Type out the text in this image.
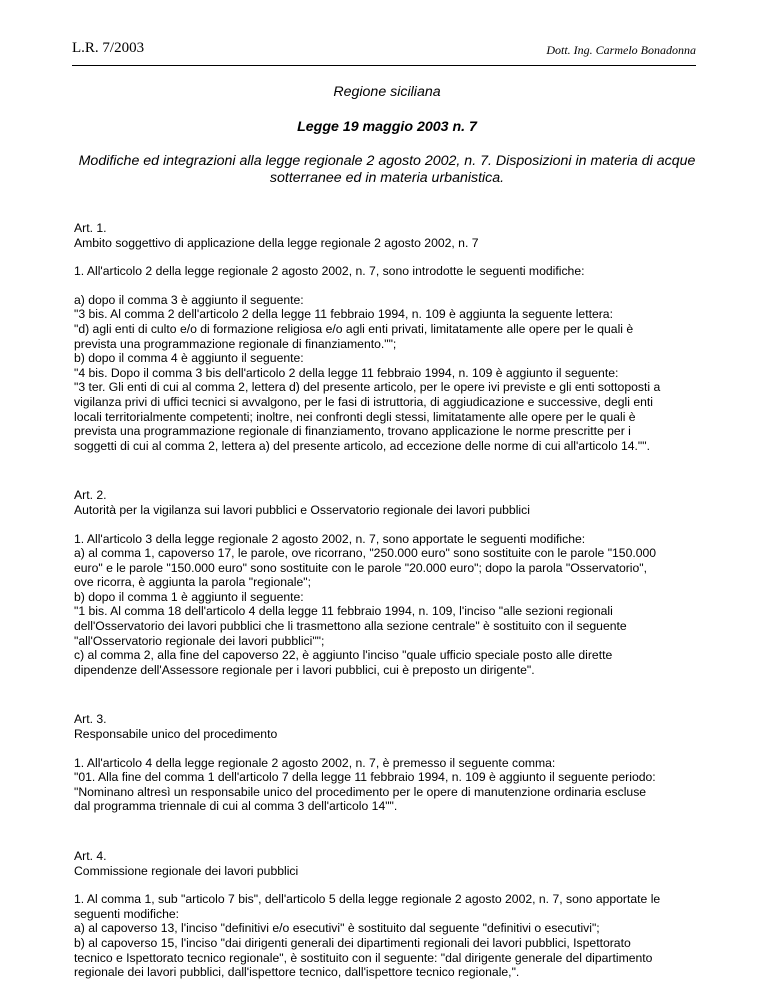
L.R. 7/2003	Dott. Ing. Carmelo Bonadonna
Regione siciliana
Legge 19 maggio 2003 n. 7
Modifiche ed integrazioni alla legge regionale 2 agosto 2002, n. 7. Disposizioni in materia di acque
sotterranee ed in materia urbanistica.
Art. 1.
Ambito soggettivo di applicazione della legge regionale 2 agosto 2002, n. 7
1. All'articolo 2 della legge regionale 2 agosto 2002, n. 7, sono introdotte le seguenti modifiche:
a) dopo il comma 3 è aggiunto il seguente:
"3 bis. Al comma 2 dell'articolo 2 della legge 11 febbraio 1994, n. 109 è aggiunta la seguente lettera:
"d) agli enti di culto e/o di formazione religiosa e/o agli enti privati, limitatamente alle opere per le quali è
prevista una programmazione regionale di finanziamento."";
b) dopo il comma 4 è aggiunto il seguente:
"4 bis. Dopo il comma 3 bis dell'articolo 2 della legge 11 febbraio 1994, n. 109 è aggiunto il seguente:
"3 ter. Gli enti di cui al comma 2, lettera d) del presente articolo, per le opere ivi previste e gli enti sottoposti a
vigilanza privi di uffici tecnici si avvalgono, per le fasi di istruttoria, di aggiudicazione e successive, degli enti
locali territorialmente competenti; inoltre, nei confronti degli stessi, limitatamente alle opere per le quali è
prevista una programmazione regionale di finanziamento, trovano applicazione le norme prescritte per i
soggetti di cui al comma 2, lettera a) del presente articolo, ad eccezione delle norme di cui all'articolo 14."".
Art. 2.
Autorità per la vigilanza sui lavori pubblici e Osservatorio regionale dei lavori pubblici
1. All'articolo 3 della legge regionale 2 agosto 2002, n. 7, sono apportate le seguenti modifiche:
a) al comma 1, capoverso 17, le parole, ove ricorrano, "250.000 euro" sono sostituite con le parole "150.000
euro" e le parole "150.000 euro" sono sostituite con le parole "20.000 euro"; dopo la parola "Osservatorio",
ove ricorra, è aggiunta la parola "regionale";
b) dopo il comma 1 è aggiunto il seguente:
"1 bis. Al comma 18 dell'articolo 4 della legge 11 febbraio 1994, n. 109, l'inciso "alle sezioni regionali
dell'Osservatorio dei lavori pubblici che li trasmettono alla sezione centrale" è sostituito con il seguente
"all'Osservatorio regionale dei lavori pubblici"";
c) al comma 2, alla fine del capoverso 22, è aggiunto l'inciso "quale ufficio speciale posto alle dirette
dipendenze dell'Assessore regionale per i lavori pubblici, cui è preposto un dirigente".
Art. 3.
Responsabile unico del procedimento
1. All'articolo 4 della legge regionale 2 agosto 2002, n. 7, è premesso il seguente comma:
"01. Alla fine del comma 1 dell'articolo 7 della legge 11 febbraio 1994, n. 109 è aggiunto il seguente periodo:
"Nominano altresì un responsabile unico del procedimento per le opere di manutenzione ordinaria escluse
dal programma triennale di cui al comma 3 dell'articolo 14"".
Art. 4.
Commissione regionale dei lavori pubblici
1. Al comma 1, sub "articolo 7 bis", dell'articolo 5 della legge regionale 2 agosto 2002, n. 7, sono apportate le
seguenti modifiche:
a) al capoverso 13, l'inciso "definitivi e/o esecutivi" è sostituito dal seguente "definitivi o esecutivi";
b) al capoverso 15, l'inciso "dai dirigenti generali dei dipartimenti regionali dei lavori pubblici, Ispettorato
tecnico e Ispettorato tecnico regionale", è sostituito con il seguente: "dal dirigente generale del dipartimento
regionale dei lavori pubblici, dall'ispettore tecnico, dall'ispettore tecnico regionale,".
